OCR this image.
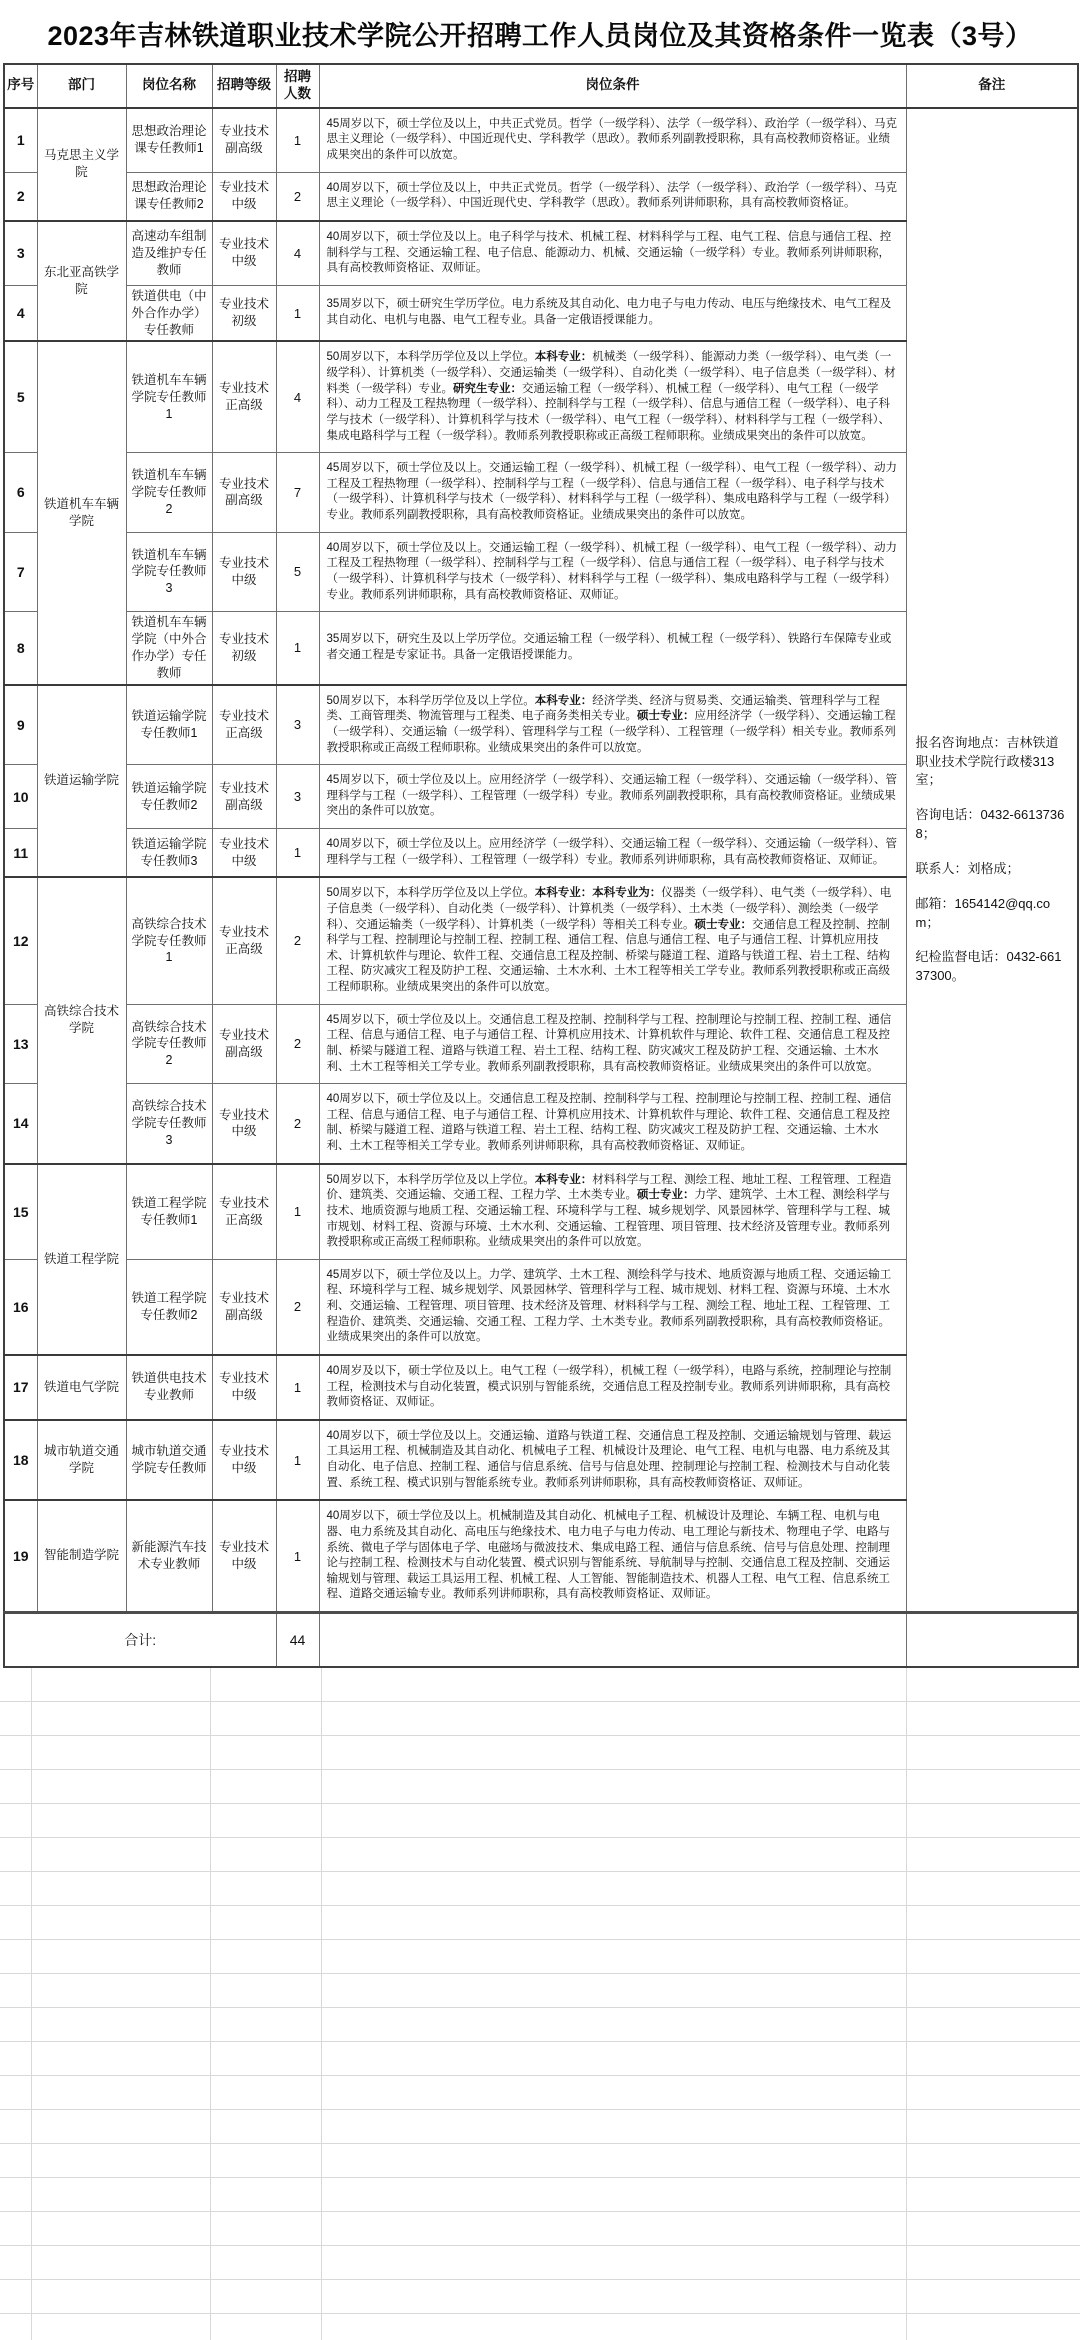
2023年吉林铁道职业技术学院公开招聘工作人员岗位及其资格条件一览表（3号）
序号	部门	岗位名称	招聘等级	招聘人数	岗位条件	备注
1	马克思主义学院	思想政治理论课专任教师1	专业技术副高级	1	45周岁以下，硕士学位及以上，中共正式党员。哲学（一级学科）、法学（一级学科）、政治学（一级学科）、马克思主义理论（一级学科）、中国近现代史、学科教学（思政）。教师系列副教授职称，具有高校教师资格证。业绩成果突出的条件可以放宽。	报名咨询地点：吉林铁道职业技术学院行政楼313室；

咨询电话：0432-66137368；

联系人：刘格成；

邮箱：1654142@qq.com；

纪检监督电话：0432-66137300。

2		思想政治理论课专任教师2	专业技术中级	2	40周岁以下，硕士学位及以上，中共正式党员。哲学（一级学科）、法学（一级学科）、政治学（一级学科）、马克思主义理论（一级学科）、中国近现代史、学科教学（思政）。教师系列讲师职称，具有高校教师资格证。	
3	东北亚高铁学院	高速动车组制造及维护专任教师	专业技术中级	4	40周岁以下，硕士学位及以上。电子科学与技术、机械工程、材料科学与工程、电气工程、信息与通信工程、控制科学与工程、交通运输工程、电子信息、能源动力、机械、交通运输（一级学科）专业。教师系列讲师职称，具有高校教师资格证、双师证。	
4		铁道供电（中外合作办学）专任教师	专业技术初级	1	35周岁以下，硕士研究生学历学位。电力系统及其自动化、电力电子与电力传动、电压与绝缘技术、电气工程及其自动化、电机与电器、电气工程专业。具备一定俄语授课能力。	
5	铁道机车车辆学院	铁道机车车辆学院专任教师1	专业技术正高级	4	50周岁以下，本科学历学位及以上学位。本科专业：机械类（一级学科）、能源动力类（一级学科）、电气类（一级学科）、计算机类（一级学科）、交通运输类（一级学科）、自动化类（一级学科）、电子信息类（一级学科）、材料类（一级学科）专业。研究生专业：交通运输工程（一级学科）、机械工程（一级学科）、电气工程（一级学科）、动力工程及工程热物理（一级学科）、控制科学与工程（一级学科）、信息与通信工程（一级学科）、电子科学与技术（一级学科）、计算机科学与技术（一级学科）、电气工程（一级学科）、材料科学与工程（一级学科）、集成电路科学与工程（一级学科）。教师系列教授职称或正高级工程师职称。业绩成果突出的条件可以放宽。	
6		铁道机车车辆学院专任教师2	专业技术副高级	7	45周岁以下，硕士学位及以上。交通运输工程（一级学科）、机械工程（一级学科）、电气工程（一级学科）、动力工程及工程热物理（一级学科）、控制科学与工程（一级学科）、信息与通信工程（一级学科）、电子科学与技术（一级学科）、计算机科学与技术（一级学科）、材料科学与工程（一级学科）、集成电路科学与工程（一级学科）专业。教师系列副教授职称，具有高校教师资格证。业绩成果突出的条件可以放宽。	
7		铁道机车车辆学院专任教师3	专业技术中级	5	40周岁以下，硕士学位及以上。交通运输工程（一级学科）、机械工程（一级学科）、电气工程（一级学科）、动力工程及工程热物理（一级学科）、控制科学与工程（一级学科）、信息与通信工程（一级学科）、电子科学与技术（一级学科）、计算机科学与技术（一级学科）、材料科学与工程（一级学科）、集成电路科学与工程（一级学科）专业。教师系列讲师职称，具有高校教师资格证、双师证。	
8		铁道机车车辆学院（中外合作办学）专任教师	专业技术初级	1	35周岁以下，研究生及以上学历学位。交通运输工程（一级学科）、机械工程（一级学科）、铁路行车保障专业或者交通工程是专家证书。具备一定俄语授课能力。	
9	铁道运输学院	铁道运输学院专任教师1	专业技术正高级	3	50周岁以下，本科学历学位及以上学位。本科专业：经济学类、经济与贸易类、交通运输类、管理科学与工程类、工商管理类、物流管理与工程类、电子商务类相关专业。硕士专业：应用经济学（一级学科）、交通运输工程（一级学科）、交通运输（一级学科）、管理科学与工程（一级学科）、工程管理（一级学科）相关专业。教师系列教授职称或正高级工程师职称。业绩成果突出的条件可以放宽。	
10		铁道运输学院专任教师2	专业技术副高级	3	45周岁以下，硕士学位及以上。应用经济学（一级学科）、交通运输工程（一级学科）、交通运输（一级学科）、管理科学与工程（一级学科）、工程管理（一级学科）专业。教师系列副教授职称，具有高校教师资格证。业绩成果突出的条件可以放宽。	
11		铁道运输学院专任教师3	专业技术中级	1	40周岁以下，硕士学位及以上。应用经济学（一级学科）、交通运输工程（一级学科）、交通运输（一级学科）、管理科学与工程（一级学科）、工程管理（一级学科）专业。教师系列讲师职称，具有高校教师资格证、双师证。	
12	高铁综合技术学院	高铁综合技术学院专任教师1	专业技术正高级	2	50周岁以下，本科学历学位及以上学位。本科专业：本科专业为：仪器类（一级学科）、电气类（一级学科）、电子信息类（一级学科）、自动化类（一级学科）、计算机类（一级学科）、土木类（一级学科）、测绘类（一级学科）、交通运输类（一级学科）、计算机类（一级学科）等相关工科专业。硕士专业：交通信息工程及控制、控制科学与工程、控制理论与控制工程、控制工程、通信工程、信息与通信工程、电子与通信工程、计算机应用技术、计算机软件与理论、软件工程、交通信息工程及控制、桥梁与隧道工程、道路与铁道工程、岩土工程、结构工程、防灾减灾工程及防护工程、交通运输、土木水利、土木工程等相关工学专业。教师系列教授职称或正高级工程师职称。业绩成果突出的条件可以放宽。	
13		高铁综合技术学院专任教师2	专业技术副高级	2	45周岁以下，硕士学位及以上。交通信息工程及控制、控制科学与工程、控制理论与控制工程、控制工程、通信工程、信息与通信工程、电子与通信工程、计算机应用技术、计算机软件与理论、软件工程、交通信息工程及控制、桥梁与隧道工程、道路与铁道工程、岩土工程、结构工程、防灾减灾工程及防护工程、交通运输、土木水利、土木工程等相关工学专业。教师系列副教授职称，具有高校教师资格证。业绩成果突出的条件可以放宽。	
14		高铁综合技术学院专任教师3	专业技术中级	2	40周岁以下，硕士学位及以上。交通信息工程及控制、控制科学与工程、控制理论与控制工程、控制工程、通信工程、信息与通信工程、电子与通信工程、计算机应用技术、计算机软件与理论、软件工程、交通信息工程及控制、桥梁与隧道工程、道路与铁道工程、岩土工程、结构工程、防灾减灾工程及防护工程、交通运输、土木水利、土木工程等相关工学专业。教师系列讲师职称，具有高校教师资格证、双师证。	
15	铁道工程学院	铁道工程学院专任教师1	专业技术正高级	1	50周岁以下，本科学历学位及以上学位。本科专业：材料科学与工程、测绘工程、地址工程、工程管理、工程造价、建筑类、交通运输、交通工程、工程力学、土木类专业。硕士专业：力学、建筑学、土木工程、测绘科学与技术、地质资源与地质工程、交通运输工程、环境科学与工程、城乡规划学、风景园林学、管理科学与工程、城市规划、材料工程、资源与环境、土木水利、交通运输、工程管理、项目管理、技术经济及管理专业。教师系列教授职称或正高级工程师职称。业绩成果突出的条件可以放宽。	
16		铁道工程学院专任教师2	专业技术副高级	2	45周岁以下，硕士学位及以上。力学、建筑学、土木工程、测绘科学与技术、地质资源与地质工程、交通运输工程、环境科学与工程、城乡规划学、风景园林学、管理科学与工程、城市规划、材料工程、资源与环境、土木水利、交通运输、工程管理、项目管理、技术经济及管理、材料科学与工程、测绘工程、地址工程、工程管理、工程造价、建筑类、交通运输、交通工程、工程力学、土木类专业。教师系列副教授职称，具有高校教师资格证。业绩成果突出的条件可以放宽。	
17	铁道电气学院	铁道供电技术专业教师	专业技术中级	1	40周岁及以下，硕士学位及以上。电气工程（一级学科），机械工程（一级学科），电路与系统，控制理论与控制工程，检测技术与自动化装置，模式识别与智能系统，交通信息工程及控制专业。教师系列讲师职称，具有高校教师资格证、双师证。	
18	城市轨道交通学院	城市轨道交通学院专任教师	专业技术中级	1	40周岁以下，硕士学位及以上。交通运输、道路与铁道工程、交通信息工程及控制、交通运输规划与管理、载运工具运用工程、机械制造及其自动化、机械电子工程、机械设计及理论、电气工程、电机与电器、电力系统及其自动化、电子信息、控制工程、通信与信息系统、信号与信息处理、控制理论与控制工程、检测技术与自动化装置、系统工程、模式识别与智能系统专业。教师系列讲师职称，具有高校教师资格证、双师证。	
19	智能制造学院	新能源汽车技术专业教师	专业技术中级	1	40周岁以下，硕士学位及以上。机械制造及其自动化、机械电子工程、机械设计及理论、车辆工程、电机与电器、电力系统及其自动化、高电压与绝缘技术、电力电子与电力传动、电工理论与新技术、物理电子学、电路与系统、微电子学与固体电子学、电磁场与微波技术、集成电路工程、通信与信息系统、信号与信息处理、控制理论与控制工程、检测技术与自动化装置、模式识别与智能系统、导航制导与控制、交通信息工程及控制、交通运输规划与管理、载运工具运用工程、机械工程、人工智能、智能制造技术、机器人工程、电气工程、信息系统工程、道路交通运输专业。教师系列讲师职称，具有高校教师资格证、双师证。	
合计:				44		
